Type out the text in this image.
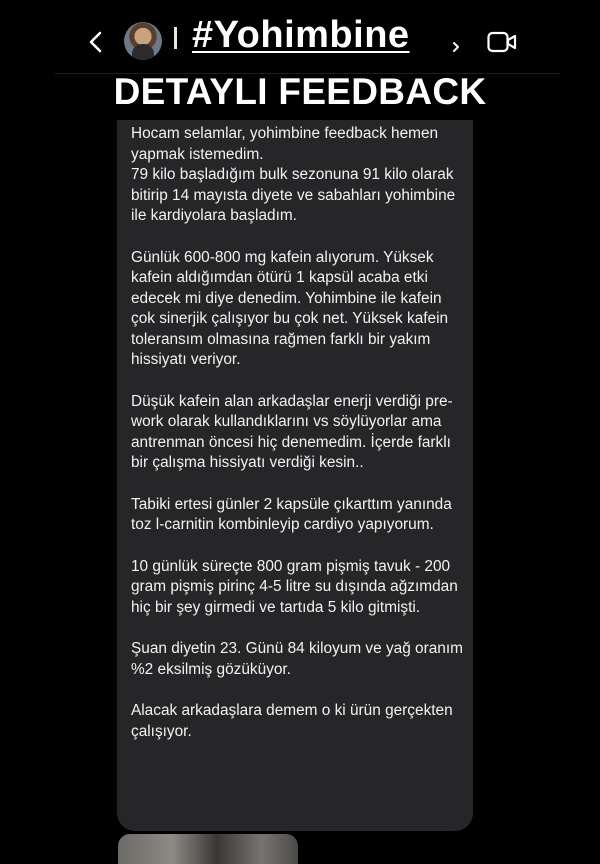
#Yohimbine
DETAYLI FEEDBACK

Hocam selamlar, yohimbine feedback hemen yapmak istemedim.

79 kilo başladığım bulk sezonuna 91 kilo olarak bitirip 14 mayısta diyete ve sabahları yohimbine ile kardiyolara başladım.

Günlük 600-800 mg kafein alıyorum. Yüksek kafein aldığımdan ötürü 1 kapsül acaba etki edecek mi diye denedim. Yohimbine ile kafein çok sinerjik çalışıyor bu çok net. Yüksek kafein toleransım olmasına rağmen farklı bir yakım hissiyatı veriyor.

Düşük kafein alan arkadaşlar enerji verdiği pre-work olarak kullandıklarını vs söylüyorlar ama antrenman öncesi hiç denemedim. İçerde farklı bir çalışma hissiyatı verdiği kesin..

Tabiki ertesi günler 2 kapsüle çıkarttım yanında toz l-carnitin kombinleyip cardiyo yapıyorum.

10 günlük süreçte 800 gram pişmiş tavuk - 200 gram pişmiş pirinç 4-5 litre su dışında ağzımdan hiç bir şey girmedi ve tartıda 5 kilo gitmişti.

Şuan diyetin 23. Günü 84 kiloyum ve yağ oranım %2 eksilmiş gözüküyor.

Alacak arkadaşlara demem o ki ürün gerçekten çalışıyor.
